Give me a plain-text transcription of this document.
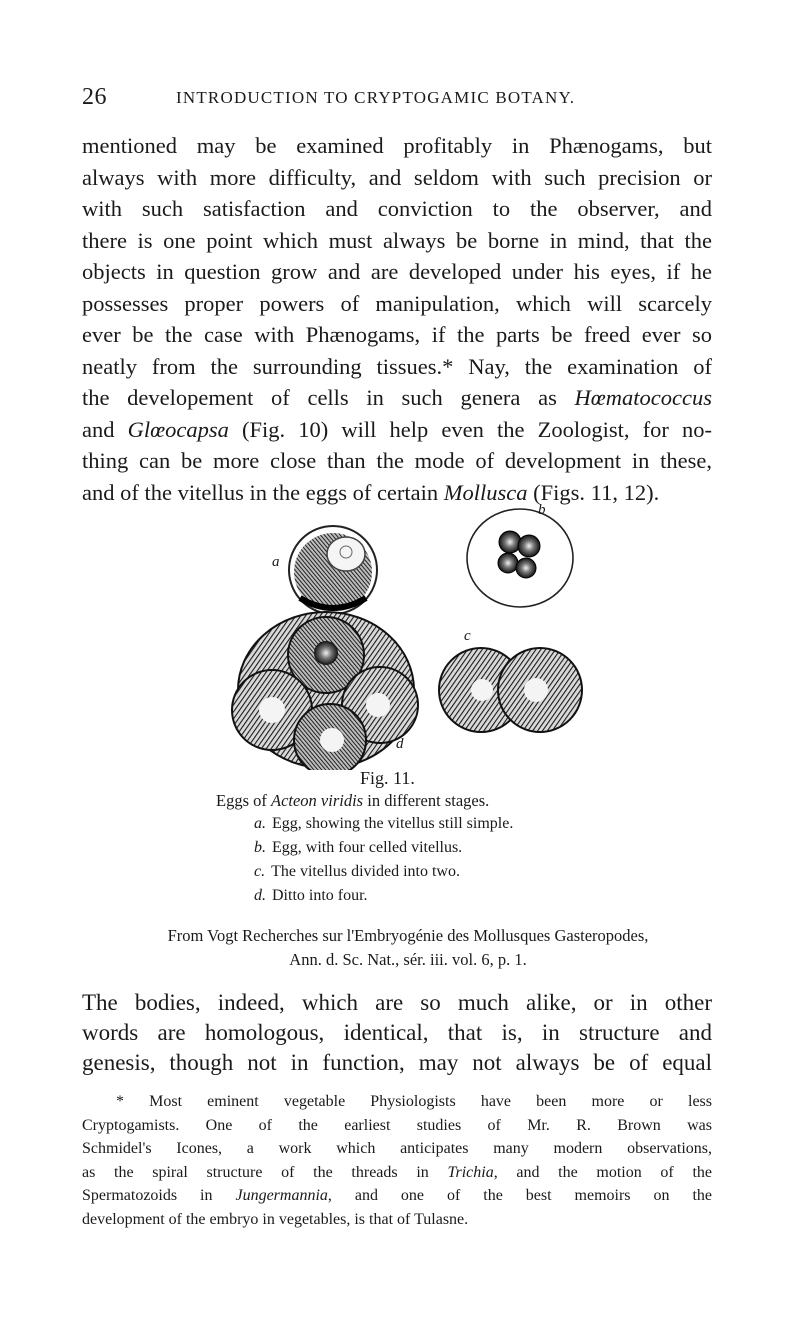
26	INTRODUCTION TO CRYPTOGAMIC BOTANY.
mentioned may be examined profitably in Phænogams, but
always with more difficulty, and seldom with such precision or
with such satisfaction and conviction to the observer, and
there is one point which must always be borne in mind, that the
objects in question grow and are developed under his eyes, if he
possesses proper powers of manipulation, which will scarcely
ever be the case with Phænogams, if the parts be freed ever so
neatly from the surrounding tissues.* Nay, the examination of
the developement of cells in such genera as Hœmatococcus
and Glœocapsa (Fig. 10) will help even the Zoologist, for no-
thing can be more close than the mode of development in these,
and of the vitellus in the eggs of certain Mollusca (Figs. 11, 12).
a
b
c
d
Fig. 11.
Eggs of Acteon viridis in different stages.
a. Egg, showing the vitellus still simple.
b. Egg, with four celled vitellus.
c. The vitellus divided into two.
d. Ditto into four.
From Vogt Recherches sur l'Embryogénie des Mollusques Gasteropodes,
Ann. d. Sc. Nat., sér. iii. vol. 6, p. 1.
The bodies, indeed, which are so much alike, or in other
words are homologous, identical, that is, in structure and
genesis, though not in function, may not always be of equal
* Most eminent vegetable Physiologists have been more or less
Cryptogamists. One of the earliest studies of Mr. R. Brown was
Schmidel's Icones, a work which anticipates many modern observations,
as the spiral structure of the threads in Trichia, and the motion of the
Spermatozoids in Jungermannia, and one of the best memoirs on the
development of the embryo in vegetables, is that of Tulasne.
